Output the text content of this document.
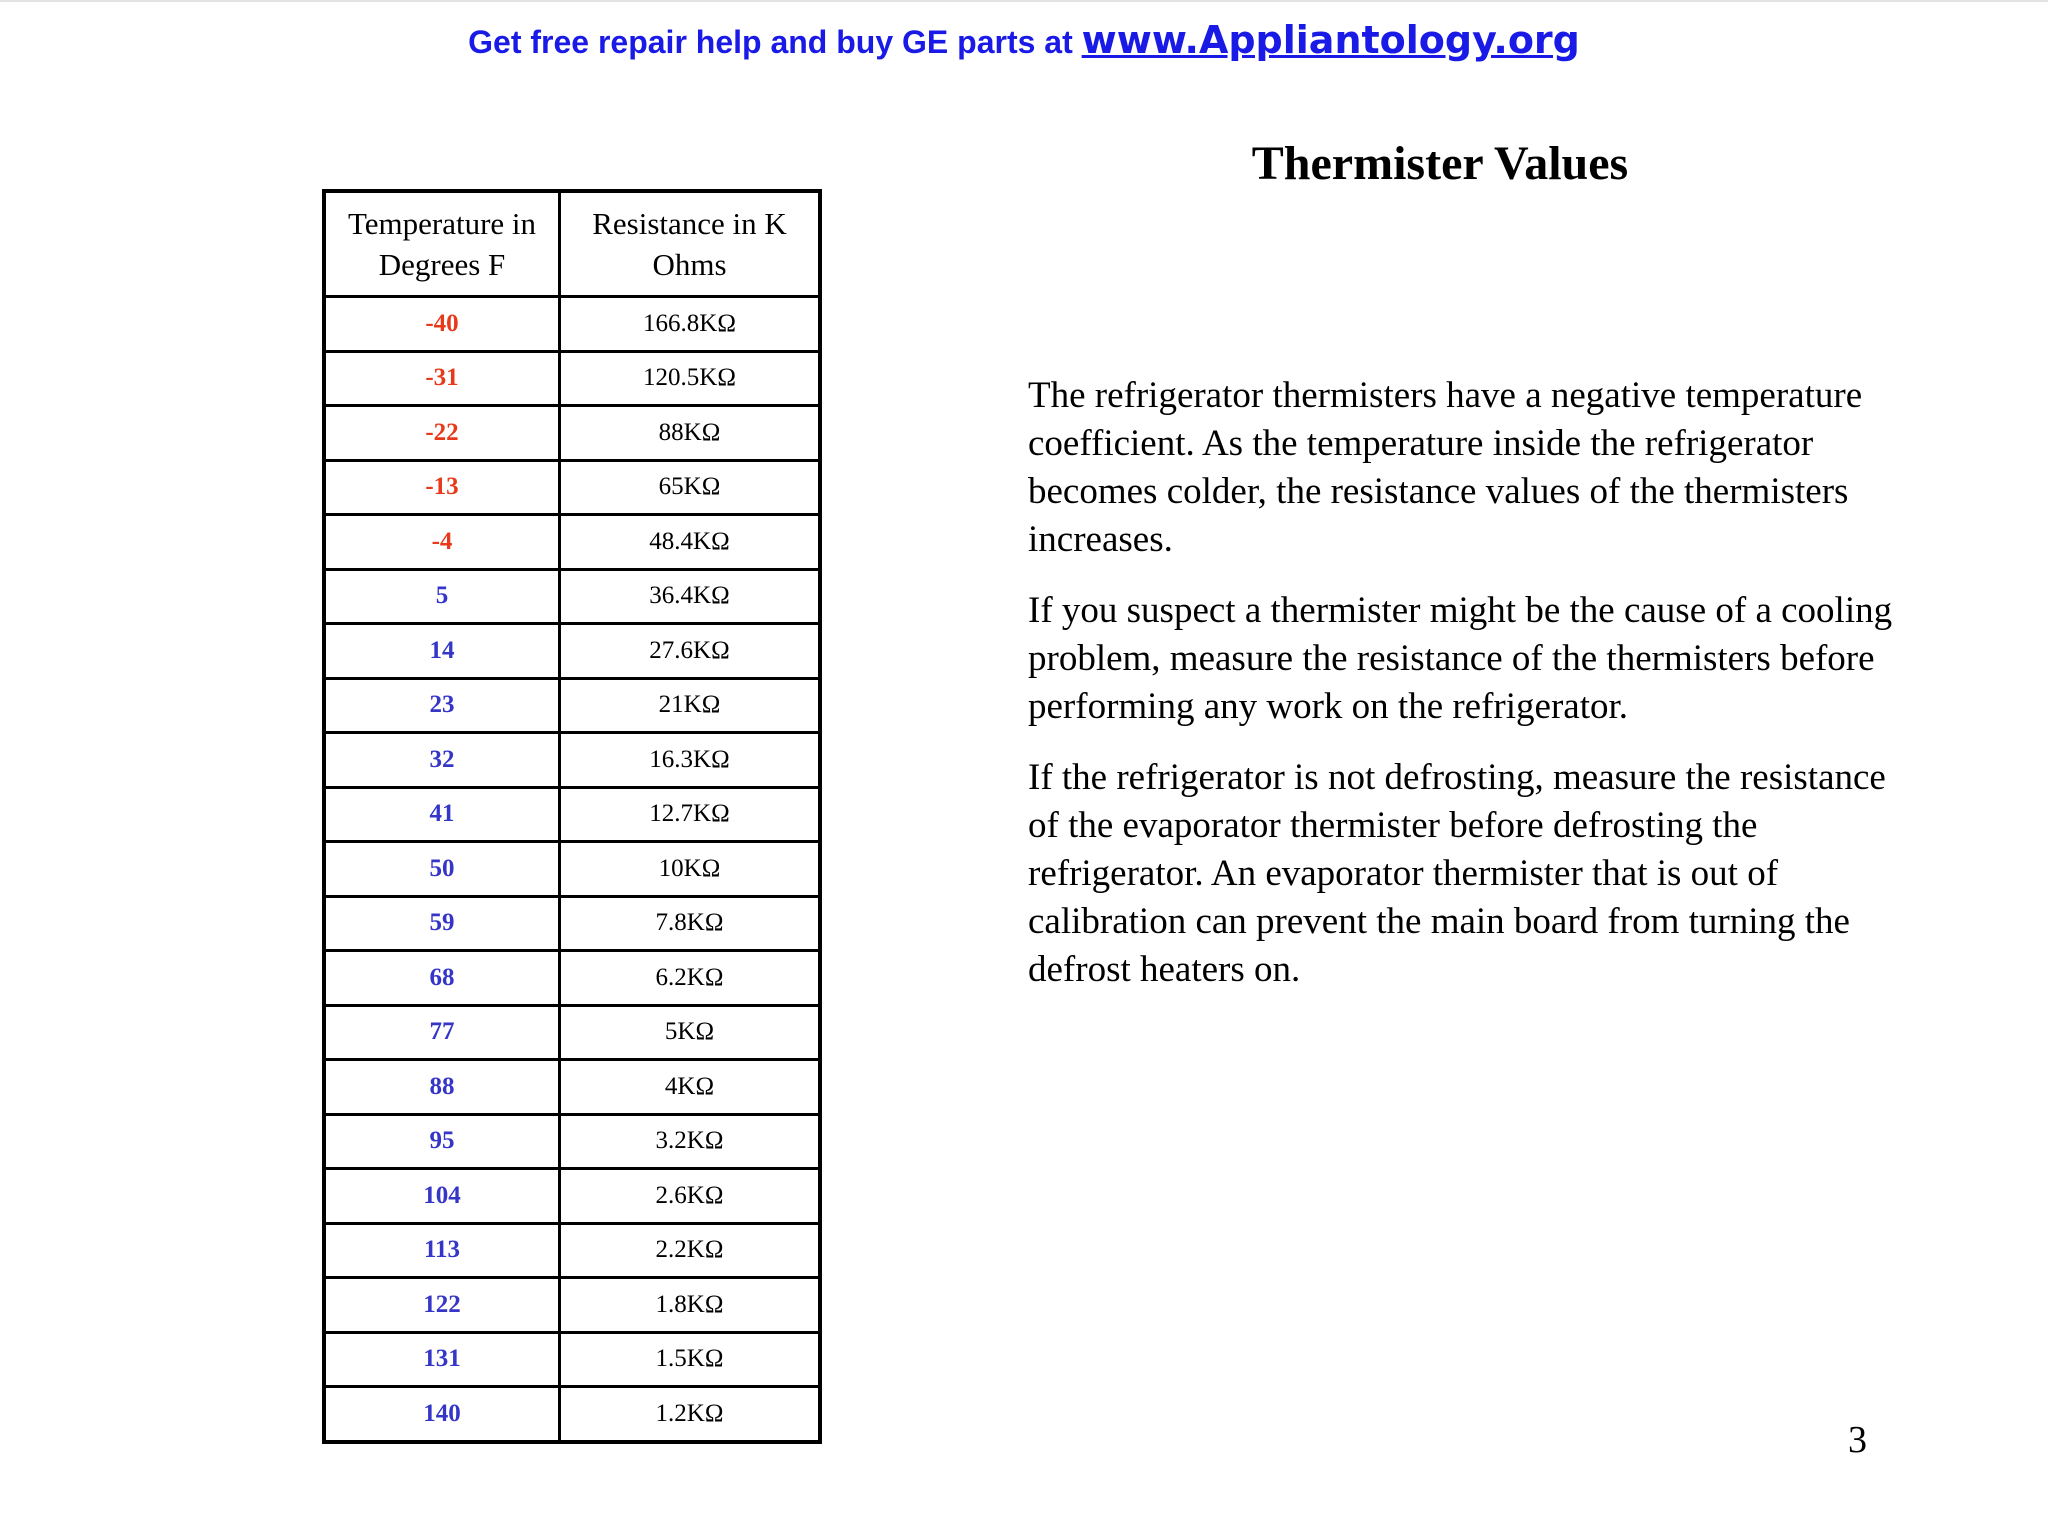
Get free repair help and buy GE parts at www.Appliantology.org
Thermister Values
Temperature in Degrees F	Resistance in K Ohms
-40	166.8KΩ
-31	120.5KΩ
-22	88KΩ
-13	65KΩ
-4	48.4KΩ
5	36.4KΩ
14	27.6KΩ
23	21KΩ
32	16.3KΩ
41	12.7KΩ
50	10KΩ
59	7.8KΩ
68	6.2KΩ
77	5KΩ
88	4KΩ
95	3.2KΩ
104	2.6KΩ
113	2.2KΩ
122	1.8KΩ
131	1.5KΩ
140	1.2KΩ

The refrigerator thermisters have a negative temperature coefficient. As the temperature inside the refrigerator becomes colder, the resistance values of the thermisters increases.

If you suspect a thermister might be the cause of a cooling problem, measure the resistance of the thermisters before performing any work on the refrigerator.

If the refrigerator is not defrosting, measure the resistance of the evaporator thermister before defrosting the refrigerator. An evaporator thermister that is out of calibration can prevent the main board from turning the defrost heaters on.

3
